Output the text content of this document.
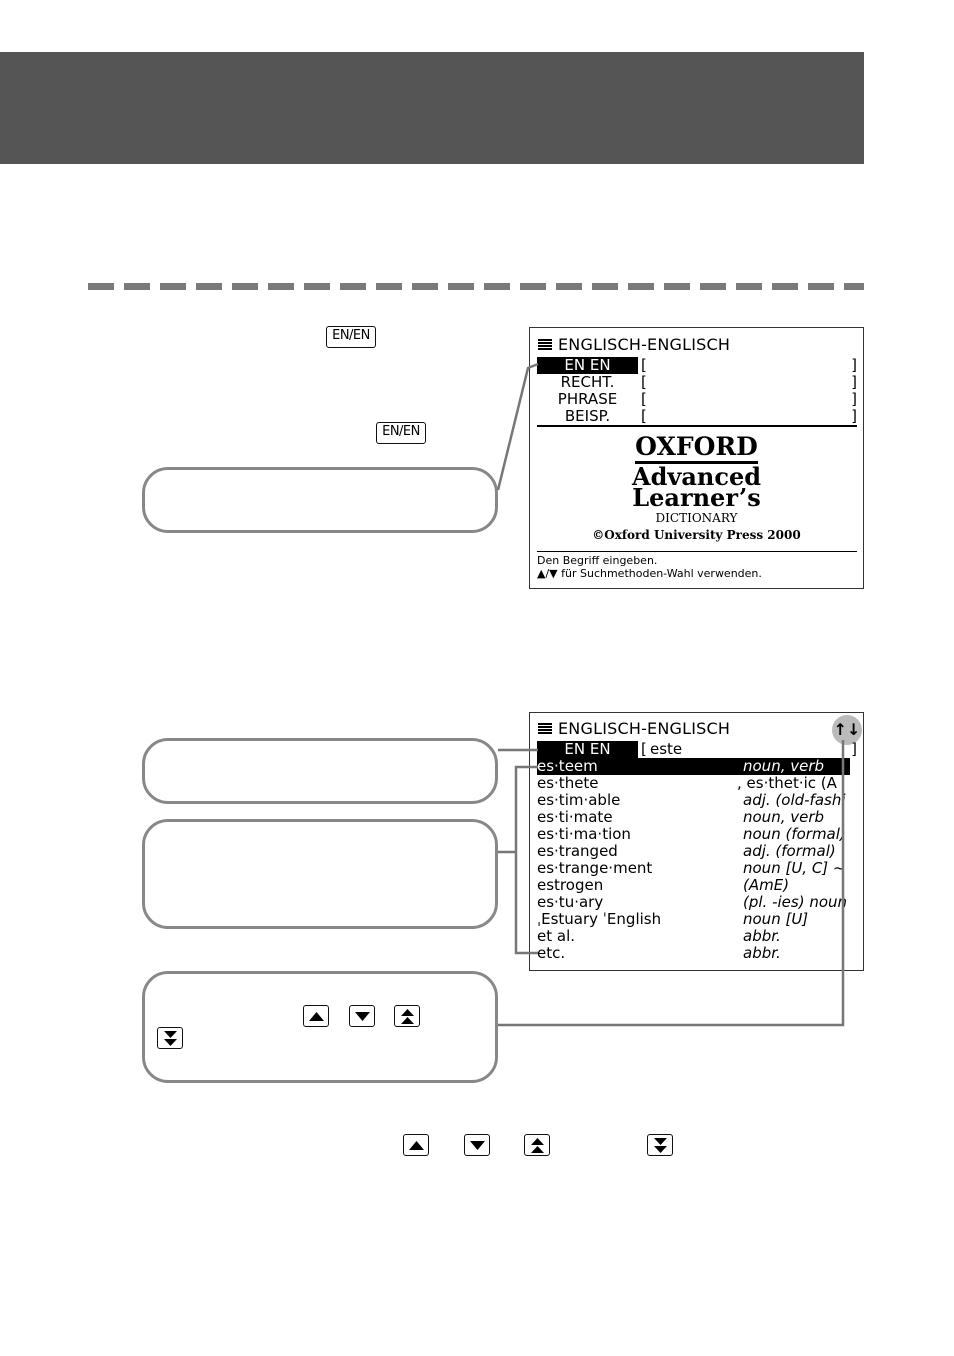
EN/EN
EN/EN
ENGLISCH-ENGLISCH
EN EN	[	]
RECHT.	[	]
PHRASE	[	]
BEISP.	[	]
OXFORD
Advanced
Learner’s
DICTIONARY
©Oxford University Press 2000
Den Begriff eingeben.
▲/▼ für Suchmethoden-Wahl verwenden.
ENGLISCH-ENGLISCH	↑↓
EN EN	[ este	]
es·teem	noun, verb
es·thete	, es·thet·ic (A
es·tim·able	adj. (old-fashi
es·ti·mate	noun, verb
es·ti·ma·tion	noun (formal)
es·tranged	adj. (formal)
es·trange·ment	noun [U, C] ~
estrogen	(AmE)
es·tu·ary	(pl. -ies) noun
ˌEstuary ˈEnglish	noun [U]
et al.	abbr.
etc.	abbr.
